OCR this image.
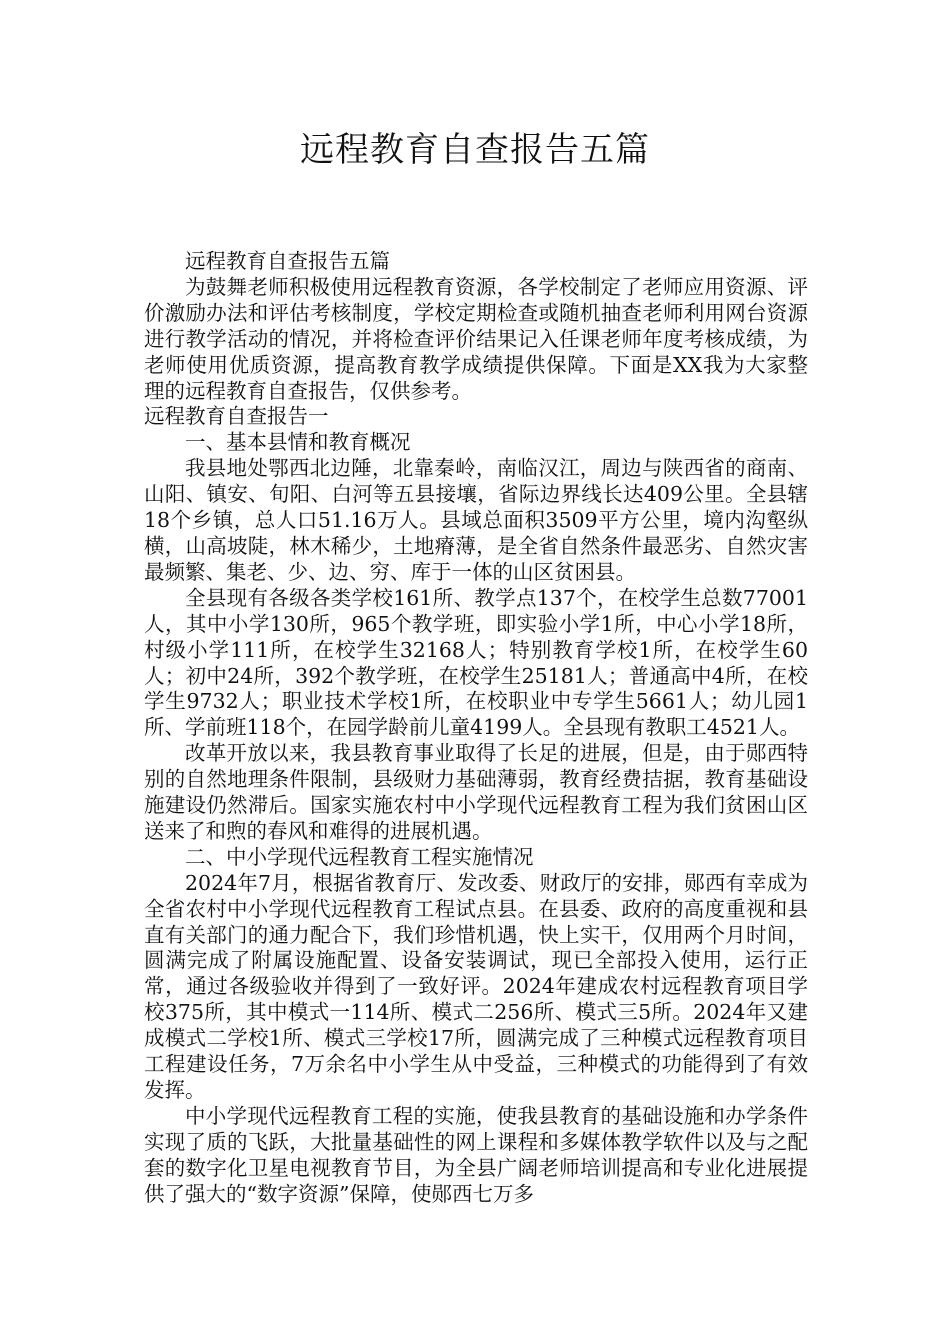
远程教育自查报告五篇

远程教育自查报告五篇

为鼓舞老师积极使用远程教育资源，各学校制定了老师应用资源、评价激励办法和评估考核制度，学校定期检查或随机抽查老师利用网台资源进行教学活动的情况，并将检查评价结果记入任课老师年度考核成绩，为老师使用优质资源，提高教育教学成绩提供保障。下面是XX我为大家整理的远程教育自查报告，仅供参考。

远程教育自查报告一

一、基本县情和教育概况

我县地处鄂西北边陲，北靠秦岭，南临汉江，周边与陕西省的商南、山阳、镇安、旬阳、白河等五县接壤，省际边界线长达409公里。全县辖18个乡镇，总人口51.16万人。县域总面积3509平方公里，境内沟壑纵横，山高坡陡，林木稀少，土地瘠薄，是全省自然条件最恶劣、自然灾害最频繁、集老、少、边、穷、库于一体的山区贫困县。

全县现有各级各类学校161所、教学点137个，在校学生总数77001人，其中小学130所，965个教学班，即实验小学1所，中心小学18所，村级小学111所，在校学生32168人；特别教育学校1所，在校学生60人；初中24所，392个教学班，在校学生25181人；普通高中4所，在校学生9732人；职业技术学校1所，在校职业中专学生5661人；幼儿园1所、学前班118个，在园学龄前儿童4199人。全县现有教职工4521人。

改革开放以来，我县教育事业取得了长足的进展，但是，由于郧西特别的自然地理条件限制，县级财力基础薄弱，教育经费拮据，教育基础设施建设仍然滞后。国家实施农村中小学现代远程教育工程为我们贫困山区送来了和煦的春风和难得的进展机遇。

二、中小学现代远程教育工程实施情况

2024年7月，根据省教育厅、发改委、财政厅的安排，郧西有幸成为全省农村中小学现代远程教育工程试点县。在县委、政府的高度重视和县直有关部门的通力配合下，我们珍惜机遇，快上实干，仅用两个月时间，圆满完成了附属设施配置、设备安装调试，现已全部投入使用，运行正常，通过各级验收并得到了一致好评。2024年建成农村远程教育项目学校375所，其中模式一114所、模式二256所、模式三5所。2024年又建成模式二学校1所、模式三学校17所，圆满完成了三种模式远程教育项目工程建设任务，7万余名中小学生从中受益，三种模式的功能得到了有效发挥。

中小学现代远程教育工程的实施，使我县教育的基础设施和办学条件实现了质的飞跃，大批量基础性的网上课程和多媒体教学软件以及与之配套的数字化卫星电视教育节目，为全县广阔老师培训提高和专业化进展提供了强大的“数字资源”保障，使郧西七万多
